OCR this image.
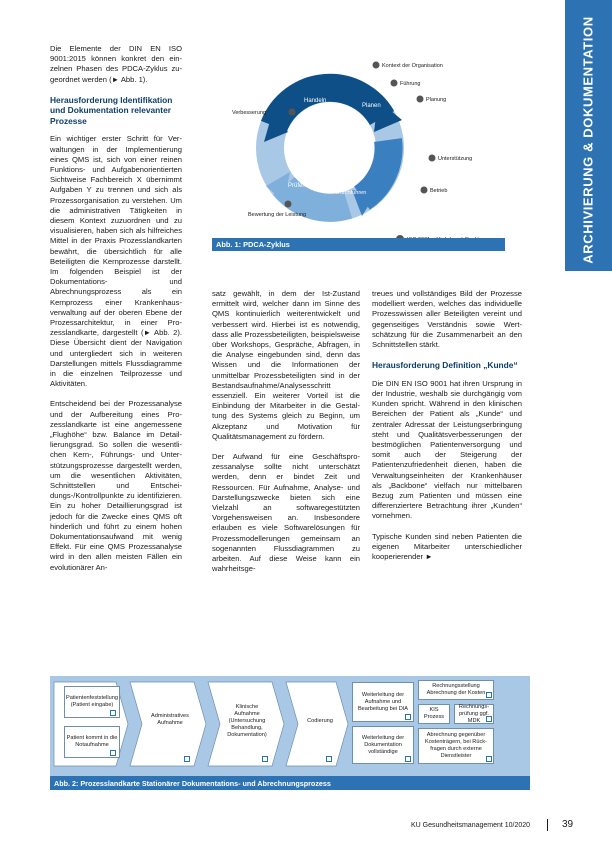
ARCHIVIERUNG & DOKUMENTATION

Die Elemente der DIN EN ISO 9001:2015 können konkret den einzelnen Phasen des PDCA-Zyklus zugeordnet werden (► Abb. 1).

Herausforderung Identifikation und Dokumentation relevanter Prozesse

Ein wichtiger erster Schritt für Verwaltungen in der Implementierung eines QMS ist, sich von einer reinen Funktions- und Aufgabenorientierten Sichtweise Fachbereich X übernimmt Aufgaben Y zu trennen und sich als Prozessorganisation zu verstehen. Um die administrativen Tätigkeiten in diesem Kontext zuzuordnen und zu visualisieren, haben sich als hilfreiches Mittel in der Praxis Prozesslandkarten bewährt, die übersichtlich für alle Beteiligten die Kernprozesse darstellt. Im folgenden Beispiel ist der Dokumentations- und Abrechnungsprozess als ein Kernprozess einer Krankenhausverwaltung auf der oberen Ebene der Prozessarchitektur, in einer Prozesslandkarte, dargestellt (► Abb. 2). Diese Übersicht dient der Navigation und untergliedert sich in weiteren Darstellungen mittels Flussdiagramme in die einzelnen Teilprozesse und Aktivitäten.

Entscheidend bei der Prozessanalyse und der Aufbereitung eines Prozesslandkarte ist eine angemessene „Flughöhe“ bzw. Balance im Detaillierungsgrad. So sollen die wesentlichen Kern-, Führungs- und Unterstützungsprozesse dargestellt werden, um die wesentlichen Aktivitäten, Schnittstellen und Entscheidungs-/Kontrollpunkte zu identifizieren. Ein zu hoher Detaillierungsgrad ist jedoch für die Zwecke eines QMS oft hinderlich und führt zu einem hohen Dokumentationsaufwand mit wenig Effekt. Für eine QMS Prozessanalyse wird in den allen meisten Fällen ein evolutionärer An-

Handeln
Planen
Prüfen
Durchführen
Kontext der Organisation
Führung
Planung
Unterstützung
Betrieb
Verbesserung
Bewertung der Leistung
Abb. 1: PDCA-Zyklus

satz gewählt, in dem der Ist-Zustand ermittelt wird, welcher dann im Sinne des QMS kontinuierlich weiterentwickelt und verbessert wird. Hierbei ist es notwendig, dass alle Prozessbeteiligten, beispielsweise über Workshops, Gespräche, Abfragen, in die Analyse eingebunden sind, denn das Wissen und die Informationen der unmittelbar Prozessbeteiligten sind in der Bestandsaufnahme/Analysesschritt essenziell. Ein weiterer Vorteil ist die Einbindung der Mitarbeiter in die Gestaltung des Systems gleich zu Beginn, um Akzeptanz und Motivation für Qualitätsmanagement zu fördern.

Der Aufwand für eine Geschäftsprozessanalyse sollte nicht unterschätzt werden, denn er bindet Zeit und Ressourcen. Für Aufnahme, Analyse- und Darstellungszwecke bieten sich eine Vielzahl an softwaregestützten Vorgehensweisen an. Insbesondere erlauben es viele Softwarelösungen für Prozessmodellerungen gemeinsam an sogenannten Flussdiagrammen zu arbeiten. Auf diese Weise kann ein wahrheitsge-

treues und vollständiges Bild der Prozesse modelliert werden, welches das individuelle Prozesswissen aller Beteiligten vereint und gegenseitiges Verständnis sowie Wertschätzung für die Zusammenarbeit an den Schnittstellen stärkt.

Herausforderung Definition „Kunde“

Die DIN EN ISO 9001 hat ihren Ursprung in der Industrie, weshalb sie durchgängig vom Kunden spricht. Während in den klinischen Bereichen der Patient als „Kunde“ und zentraler Adressat der Leistungserbringung steht und Qualitätsverbesserungen der bestmöglichen Patientenversorgung und somit auch der Steigerung der Patientenzufriedenheit dienen, haben die Verwaltungseinheiten der Krankenhäuser als „Backbone“ vielfach nur mittelbaren Bezug zum Patienten und müssen eine differenziertere Betrachtung ihrer „Kunden“ vornehmen.

Typische Kunden sind neben Patienten die eigenen Mitarbeiter unterschiedlicher kooperierender ►

Patientenfeststellung (Patient eingabe)
Patient kommt in die Notaufnahme
Administratives Aufnahme
Klinische Aufnahme (Untersuchung Behandlung, Dokumentation)
Codierung
Weiterleitung der Aufnahme und Bearbeitung bei DIA
Weiterleitung der Dokumentation vollständige
Rechnungsstellung Abrechnung der Kosten
KIS Prozess
Rechnungsprüfung ggf. MDK
Abrechnung gegenüber Kostenträgern, bei Rückfragen durch externe Dienstleister
Abb. 2: Prozesslandkarte Stationärer Dokumentations- und Abrechnungsprozess
KU Gesundheitsmanagement 10/2020	39
